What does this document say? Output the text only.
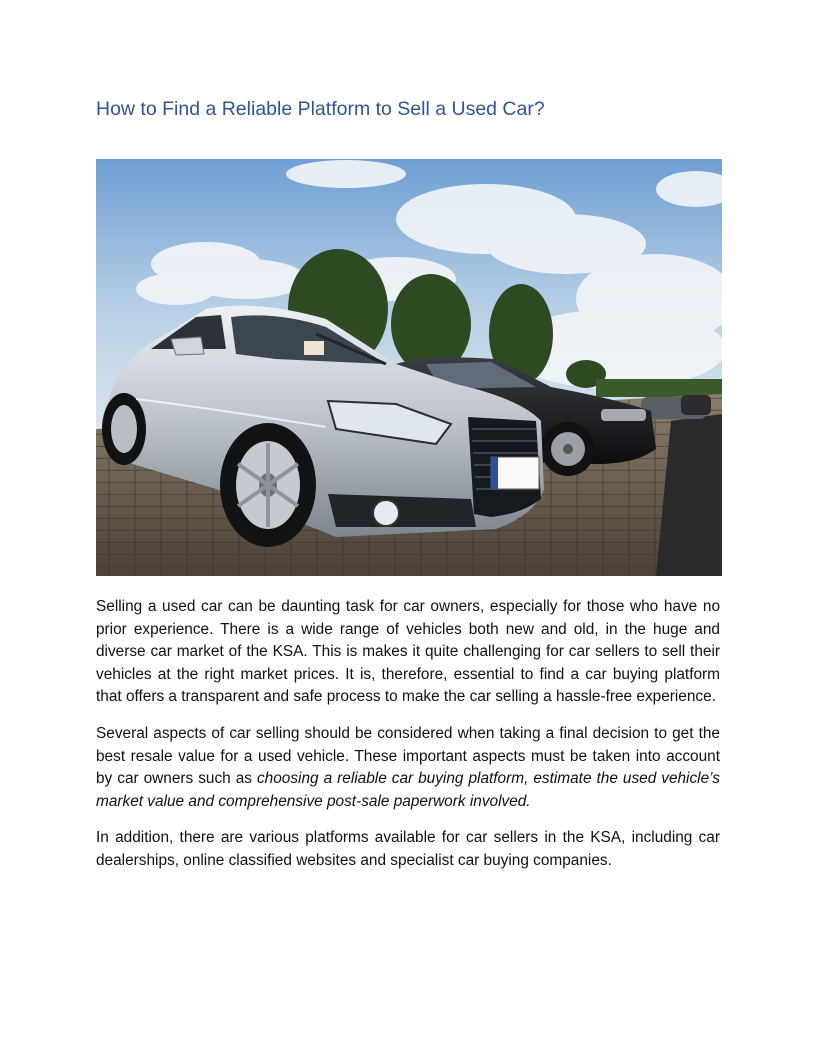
How to Find a Reliable Platform to Sell a Used Car?

Selling a used car can be daunting task for car owners, especially for those who have no prior experience. There is a wide range of vehicles both new and old, in the huge and diverse car market of the KSA. This is makes it quite challenging for car sellers to sell their vehicles at the right market prices. It is, therefore, essential to find a car buying platform that offers a transparent and safe process to make the car selling a hassle-free experience.

Several aspects of car selling should be considered when taking a final decision to get the best resale value for a used vehicle. These important aspects must be taken into account by car owners such as choosing a reliable car buying platform, estimate the used vehicle’s market value and comprehensive post-sale paperwork involved.

In addition, there are various platforms available for car sellers in the KSA, including car dealerships, online classified websites and specialist car buying companies.
